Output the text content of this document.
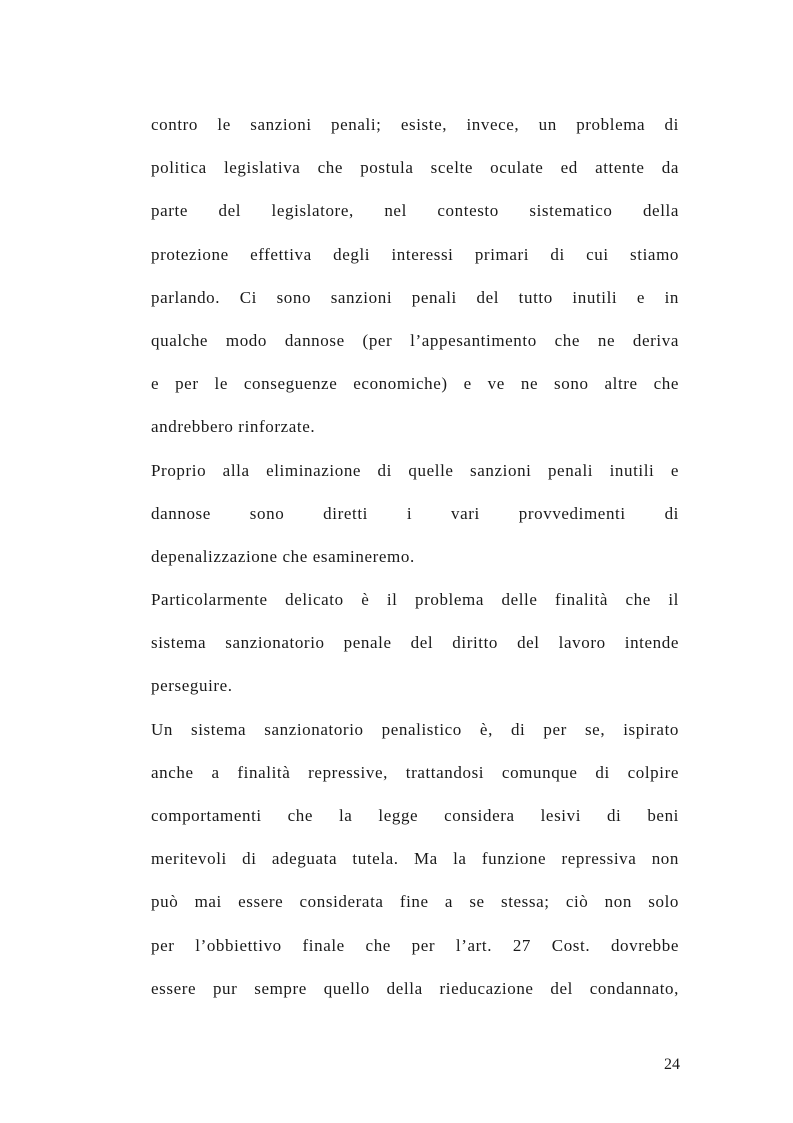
contro le sanzioni penali; esiste, invece, un problema di
politica legislativa che postula scelte oculate ed attente da
parte del legislatore, nel contesto sistematico della
protezione effettiva degli interessi primari di cui stiamo
parlando. Ci sono sanzioni penali del tutto inutili e in
qualche modo dannose (per l’appesantimento che ne deriva
e per le conseguenze economiche) e ve ne sono altre che
andrebbero rinforzate.
Proprio alla eliminazione di quelle sanzioni penali inutili e
dannose sono diretti i vari provvedimenti di
depenalizzazione che esamineremo.
Particolarmente delicato è il problema delle finalità che il
sistema sanzionatorio penale del diritto del lavoro intende
perseguire.
Un sistema sanzionatorio penalistico è, di per se, ispirato
anche a finalità repressive, trattandosi comunque di colpire
comportamenti che la legge considera lesivi di beni
meritevoli di adeguata tutela. Ma la funzione repressiva non
può mai essere considerata fine a se stessa; ciò non solo
per l’obbiettivo finale che per l’art. 27 Cost. dovrebbe
essere pur sempre quello della rieducazione del condannato,
24
